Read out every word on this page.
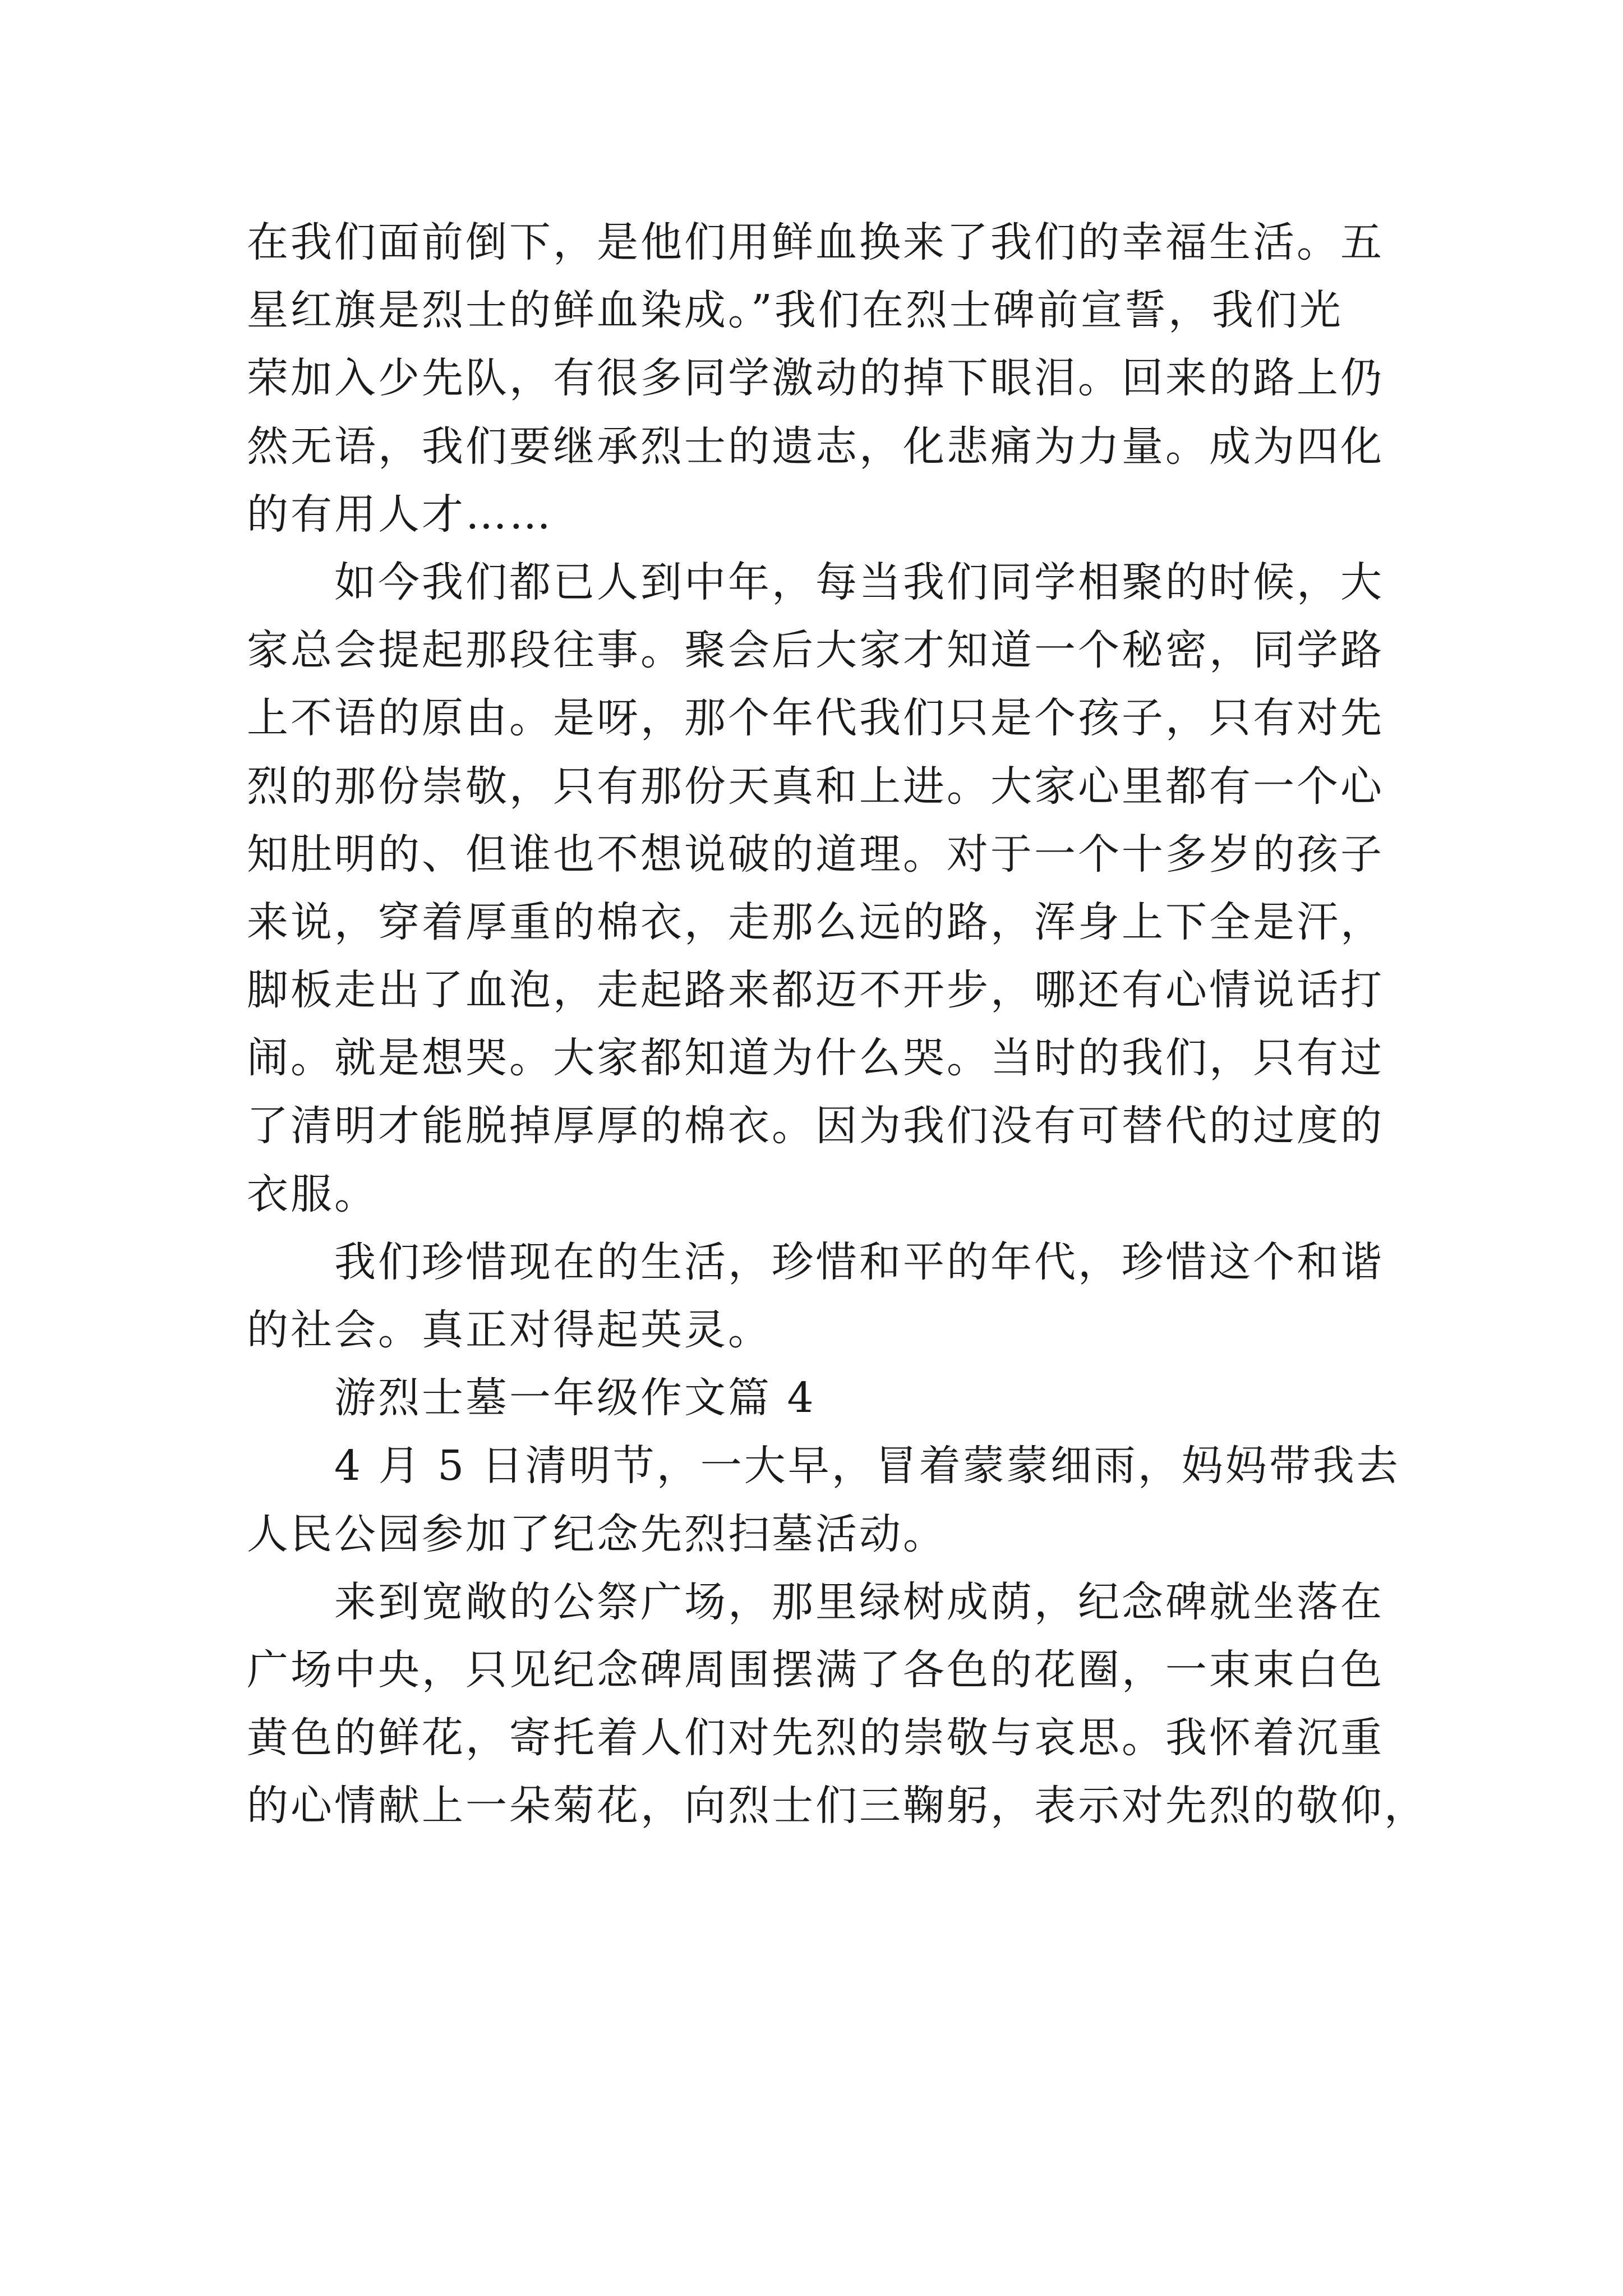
在我们面前倒下，是他们用鲜血换来了我们的幸福生活。五
星红旗是烈士的鲜血染成。”我们在烈士碑前宣誓，我们光
荣加入少先队，有很多同学激动的掉下眼泪。回来的路上仍
然无语，我们要继承烈士的遗志，化悲痛为力量。成为四化
的有用人才……
如今我们都已人到中年，每当我们同学相聚的时候，大
家总会提起那段往事。聚会后大家才知道一个秘密，同学路
上不语的原由。是呀，那个年代我们只是个孩子，只有对先
烈的那份崇敬，只有那份天真和上进。大家心里都有一个心
知肚明的、但谁也不想说破的道理。对于一个十多岁的孩子
来说，穿着厚重的棉衣，走那么远的路，浑身上下全是汗，
脚板走出了血泡，走起路来都迈不开步，哪还有心情说话打
闹。就是想哭。大家都知道为什么哭。当时的我们，只有过
了清明才能脱掉厚厚的棉衣。因为我们没有可替代的过度的
衣服。
我们珍惜现在的生活，珍惜和平的年代，珍惜这个和谐
的社会。真正对得起英灵。
游烈士墓一年级作文篇 4
4 月 5 日清明节，一大早，冒着蒙蒙细雨，妈妈带我去
人民公园参加了纪念先烈扫墓活动。
来到宽敞的公祭广场，那里绿树成荫，纪念碑就坐落在
广场中央，只见纪念碑周围摆满了各色的花圈，一束束白色
黄色的鲜花，寄托着人们对先烈的崇敬与哀思。我怀着沉重
的心情献上一朵菊花，向烈士们三鞠躬，表示对先烈的敬仰，
